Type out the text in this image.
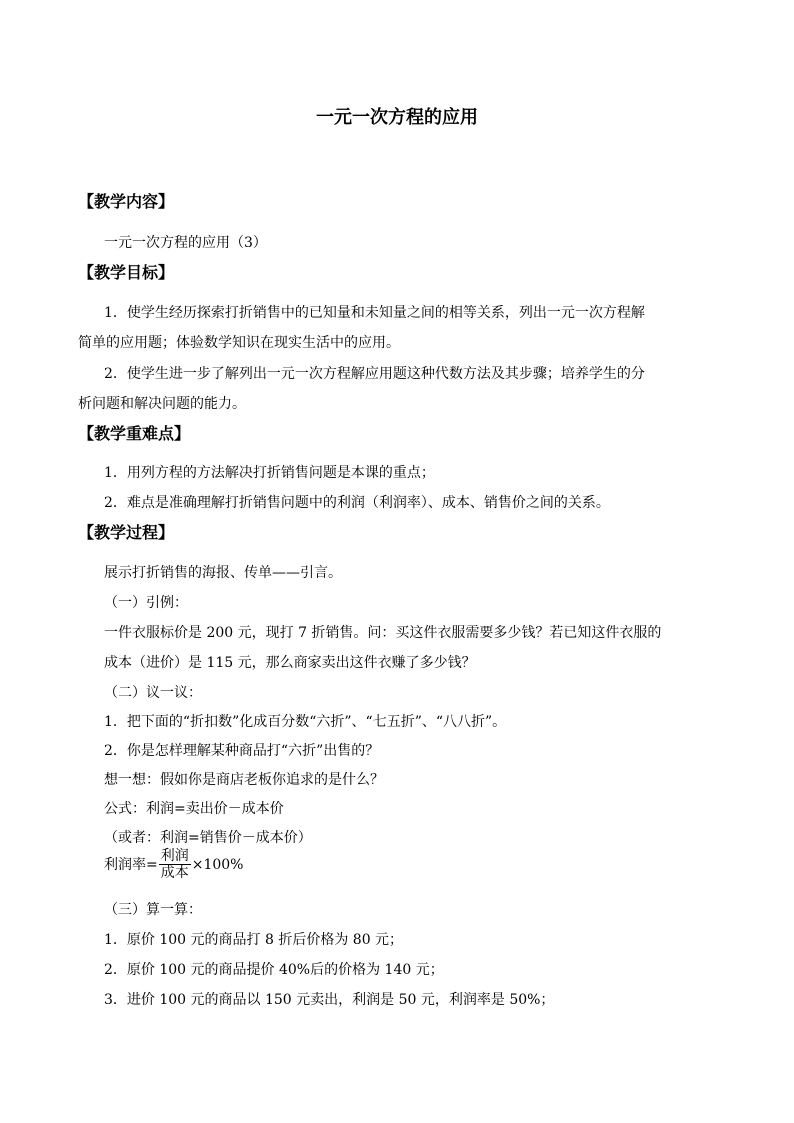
一元一次方程的应用
【教学内容】
一元一次方程的应用（3）
【教学目标】
1．使学生经历探索打折销售中的已知量和未知量之间的相等关系，列出一元一次方程解
简单的应用题；体验数学知识在现实生活中的应用。
2．使学生进一步了解列出一元一次方程解应用题这种代数方法及其步骤；培养学生的分
析问题和解决问题的能力。
【教学重难点】
1．用列方程的方法解决打折销售问题是本课的重点；
2．难点是准确理解打折销售问题中的利润（利润率）、成本、销售价之间的关系。
【教学过程】
展示打折销售的海报、传单——引言。
（一）引例：
一件衣服标价是 200 元，现打 7 折销售。问：买这件衣服需要多少钱？若已知这件衣服的
成本（进价）是 115 元，那么商家卖出这件衣赚了多少钱？
（二）议一议：
1．把下面的“折扣数”化成百分数“六折”、“七五折”、“八八折”。
2．你是怎样理解某种商品打“六折”出售的？
想一想：假如你是商店老板你追求的是什么？
公式：利润=卖出价－成本价
（或者：利润=销售价－成本价）
利润率= $\frac{\text{利润}}{\text{成本}} \times 100\%$
（三）算一算：
1．原价 100 元的商品打 8 折后价格为 80 元；
2．原价 100 元的商品提价 40%后的价格为 140 元；
3．进价 100 元的商品以 150 元卖出，利润是 50 元，利润率是 50%；
